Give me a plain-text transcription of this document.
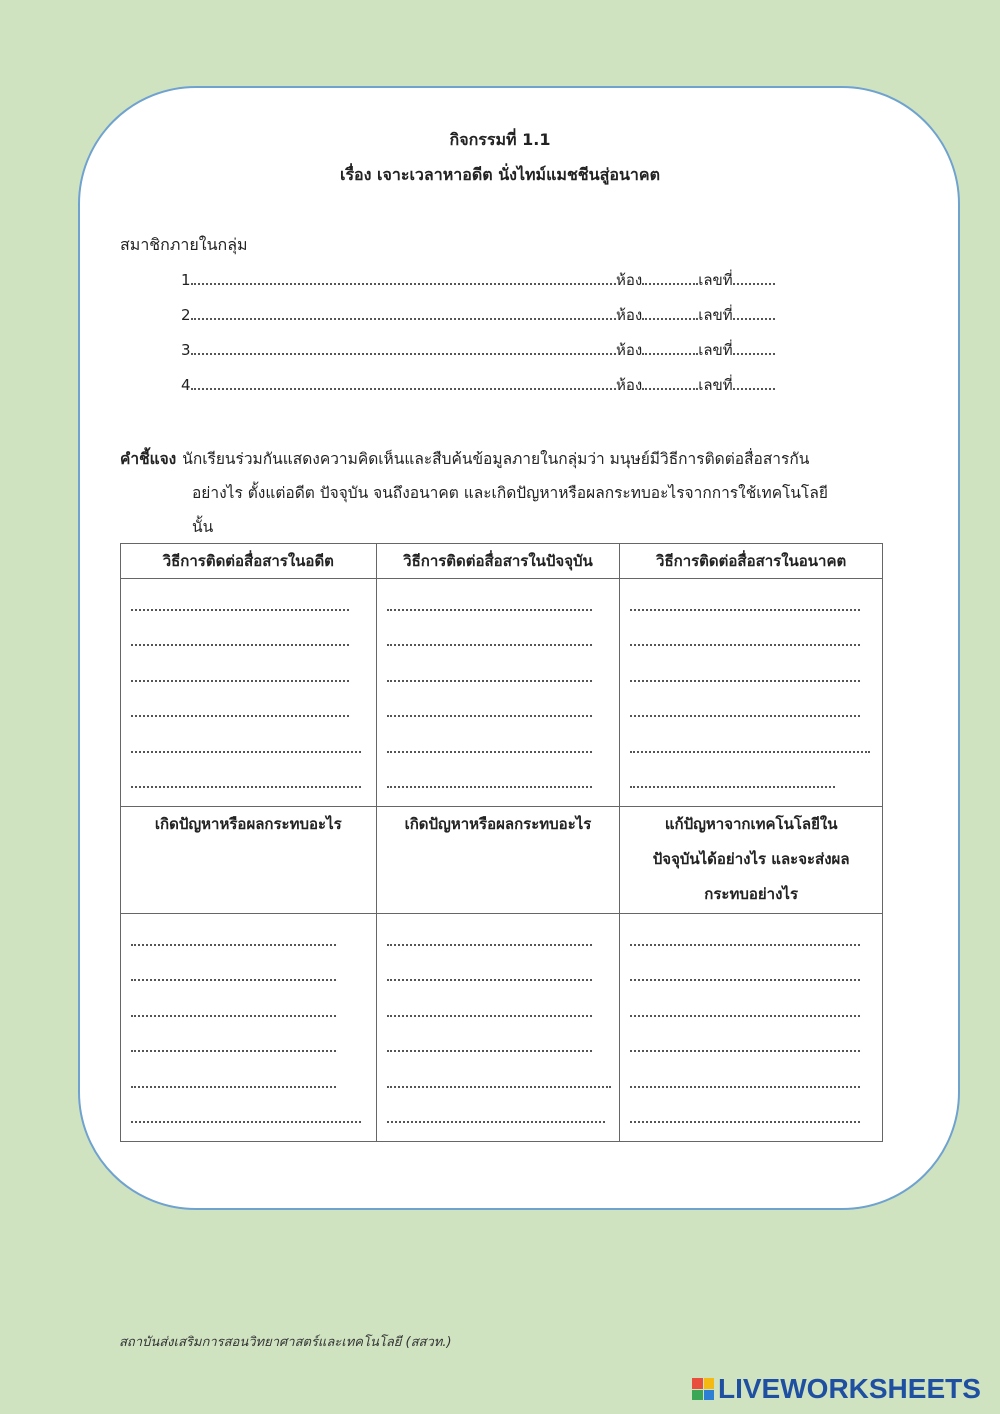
กิจกรรมที่ 1.1
เรื่อง เจาะเวลาหาอดีต นั่งไทม์แมชชีนสู่อนาคต
สมาชิกภายในกลุ่ม
1	ห้อง	เลขที่
2	ห้อง	เลขที่
3	ห้อง	เลขที่
4	ห้อง	เลขที่
คำชี้แจง นักเรียนร่วมกันแสดงความคิดเห็นและสืบค้นข้อมูลภายในกลุ่มว่า มนุษย์มีวิธีการติดต่อสื่อสารกัน
อย่างไร ตั้งแต่อดีต ปัจจุบัน จนถึงอนาคต และเกิดปัญหาหรือผลกระทบอะไรจากการใช้เทคโนโลยี
นั้น
วิธีการติดต่อสื่อสารในอดีต	วิธีการติดต่อสื่อสารในปัจจุบัน	วิธีการติดต่อสื่อสารในอนาคต

เกิดปัญหาหรือผลกระทบอะไร	เกิดปัญหาหรือผลกระทบอะไร	แก้ปัญหาจากเทคโนโลยีใน
ปัจจุบันได้อย่างไร และจะส่งผล
กระทบอย่างไร

สถาบันส่งเสริมการสอนวิทยาศาสตร์และเทคโนโลยี (สสวท.)
LIVEWORKSHEETS
